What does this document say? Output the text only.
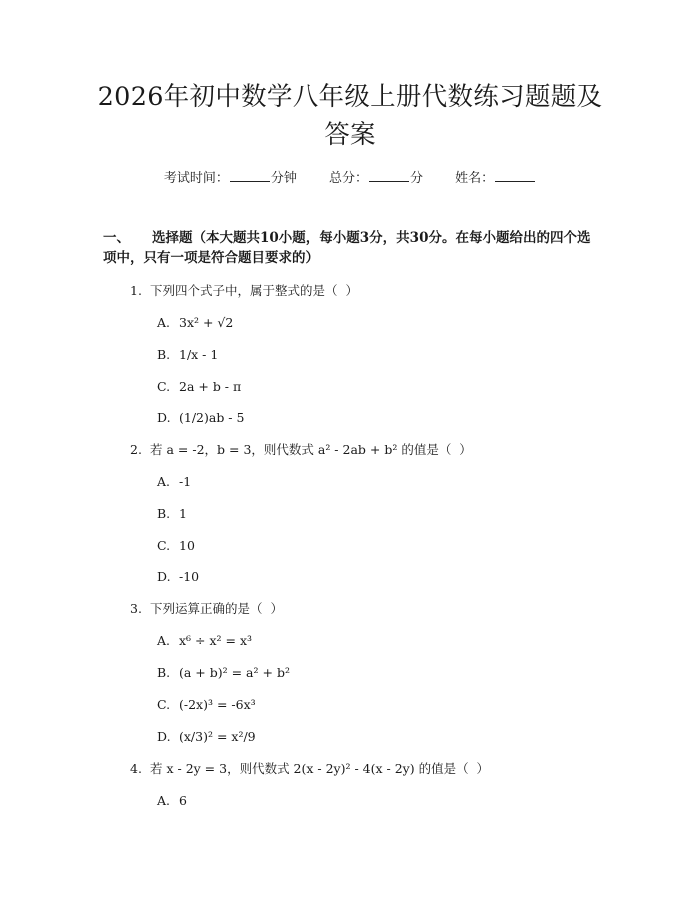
2026年初中数学八年级上册代数练习题题及
答案
考试时间：	分钟 总分：	分 姓名：
一、 选择题（本大题共10小题，每小题3分，共30分。在每小题给出的四个选项中，只有一项是符合题目要求的）
1. 下列四个式子中，属于整式的是（  ）
A. 3x² + √2
B. 1/x - 1
C. 2a + b - π
D. (1/2)ab - 5
2. 若 a = -2，b = 3，则代数式 a² - 2ab + b² 的值是（  ）
A. -1
B. 1
C. 10
D. -10
3. 下列运算正确的是（  ）
A. x⁶ ÷ x² = x³
B. (a + b)² = a² + b²
C. (-2x)³ = -6x³
D. (x/3)² = x²/9
4. 若 x - 2y = 3，则代数式 2(x - 2y)² - 4(x - 2y) 的值是（  ）
A. 6
